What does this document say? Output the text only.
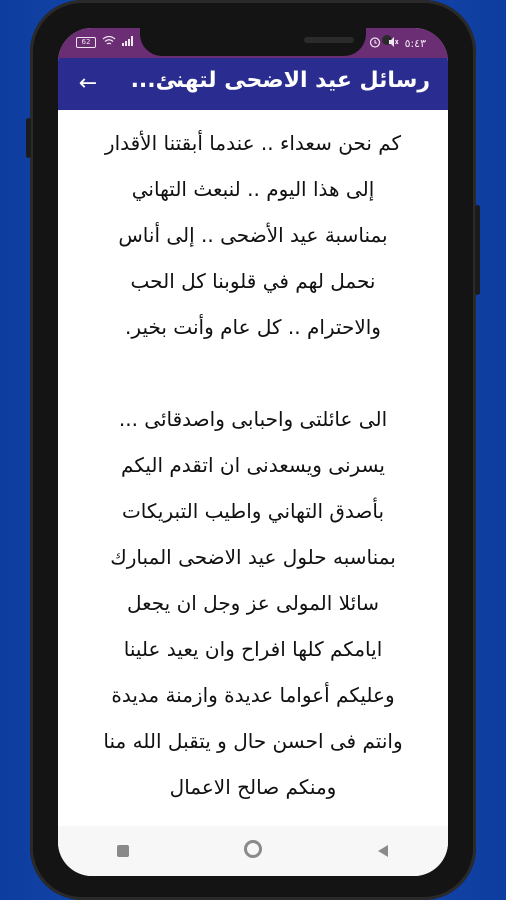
62	٥:٤٣
←	رسائل عيد الاضحى لتهنئ...
كم نحن سعداء .. عندما أبقتنا الأقدار
إلى هذا اليوم .. لنبعث التهاني
بمناسبة عيد الأضحى .. إلى أناس
نحمل لهم في قلوبنا كل الحب
والاحترام .. كل عام وأنت بخير.
الى عائلتى واحبابى واصدقائى ...
يسرنى ويسعدنى ان اتقدم اليكم
بأصدق التهاني واطيب التبريكات
بمناسبه حلول عيد الاضحى المبارك
سائلا المولى عز وجل ان يجعل
ايامكم كلها افراح وان يعيد علينا
وعليكم أعواما عديدة وازمنة مديدة
وانتم فى احسن حال و يتقبل الله منا
ومنكم صالح الاعمال
